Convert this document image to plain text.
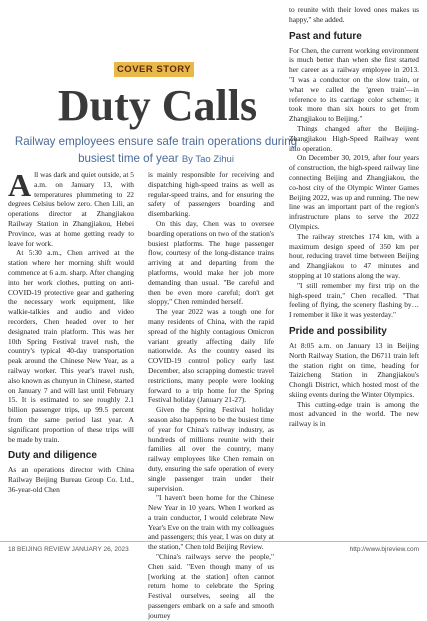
COVER STORY
Duty Calls
Railway employees ensure safe train operations during busiest time of year By Tao Zihui

All was dark and quiet outside, at 5 a.m. on January 13, with temperatures plummeting to 22 degrees Celsius below zero. Chen Lili, an operations director at Zhangjiakou Railway Station in Zhangjiakou, Hebei Province, was at home getting ready to leave for work.

At 5:30 a.m., Chen arrived at the station where her morning shift would commence at 6 a.m. sharp. After changing into her work clothes, putting on anti-COVID-19 protective gear and gathering the necessary work equipment, like walkie-talkies and audio and video recorders, Chen headed over to her designated train platform. This was her 10th Spring Festival travel rush, the country's typical 40-day transportation peak around the Chinese New Year, as a railway worker. This year's travel rush, also known as chunyun in Chinese, started on January 7 and will last until February 15. It is estimated to see roughly 2.1 billion passenger trips, up 99.5 percent from the same period last year. A significant proportion of these trips will be made by train.

Duty and diligence

As an operations director with China Railway Beijing Bureau Group Co. Ltd., 36-year-old Chen

is mainly responsible for receiving and dispatching high-speed trains as well as regular-speed trains, and for ensuring the safety of passengers boarding and disembarking.

On this day, Chen was to oversee boarding operations on two of the station's busiest platforms. The huge passenger flow, courtesy of the long-distance trains arriving at and departing from the platforms, would make her job more demanding than usual. "Be careful and then be even more careful; don't get sloppy," Chen reminded herself.

The year 2022 was a tough one for many residents of China, with the rapid spread of the highly contagious Omicron variant greatly affecting daily life nationwide. As the country eased its COVID-19 control policy early last December, also scrapping domestic travel restrictions, many people were looking forward to a trip home for the Spring Festival holiday (January 21-27).

Given the Spring Festival holiday season also happens to be the busiest time of year for China's railway industry, as hundreds of millions reunite with their families all over the country, many railway employees like Chen remain on duty, ensuring the safe operation of every single passenger train under their supervision.

"I haven't been home for the Chinese New Year in 10 years. When I worked as a train conductor, I would celebrate New Year's Eve on the train with my colleagues and passengers; this year, I was on duty at the station," Chen told Beijing Review.

"China's railways serve the people," Chen said. "Even though many of us [working at the station] often cannot return home to celebrate the Spring Festival ourselves, seeing all the passengers embark on a safe and smooth journey

to reunite with their loved ones makes us happy," she added.

Past and future

For Chen, the current working environment is much better than when she first started her career as a railway employee in 2013. "I was a conductor on the slow train, or what we called the 'green train'—in reference to its carriage color scheme; it took more than six hours to get from Zhangjiakou to Beijing."

Things changed after the Beijing-Zhangjiakou High-Speed Railway went into operation.

On December 30, 2019, after four years of construction, the high-speed railway line connecting Beijing and Zhangjiakou, the co-host city of the Olympic Winter Games Beijing 2022, was up and running. The new line was an important part of the region's infrastructure plans to serve the 2022 Olympics.

The railway stretches 174 km, with a maximum design speed of 350 km per hour, reducing travel time between Beijing and Zhangjiakou to 47 minutes and stopping at 10 stations along the way.

"I still remember my first trip on the high-speed train," Chen recalled. "That feeling of flying, the scenery flashing by… I remember it like it was yesterday."

Pride and possibility

At 8:05 a.m. on January 13 in Beijing North Railway Station, the D6711 train left the station right on time, heading for Taizicheng Station in Zhangjiakou's Chongli District, which hosted most of the skiing events during the Winter Olympics.

This cutting-edge train is among the most advanced in the world. The new railway is in

18 BEIJING REVIEW JANUARY 26, 2023	http://www.bjreview.com
